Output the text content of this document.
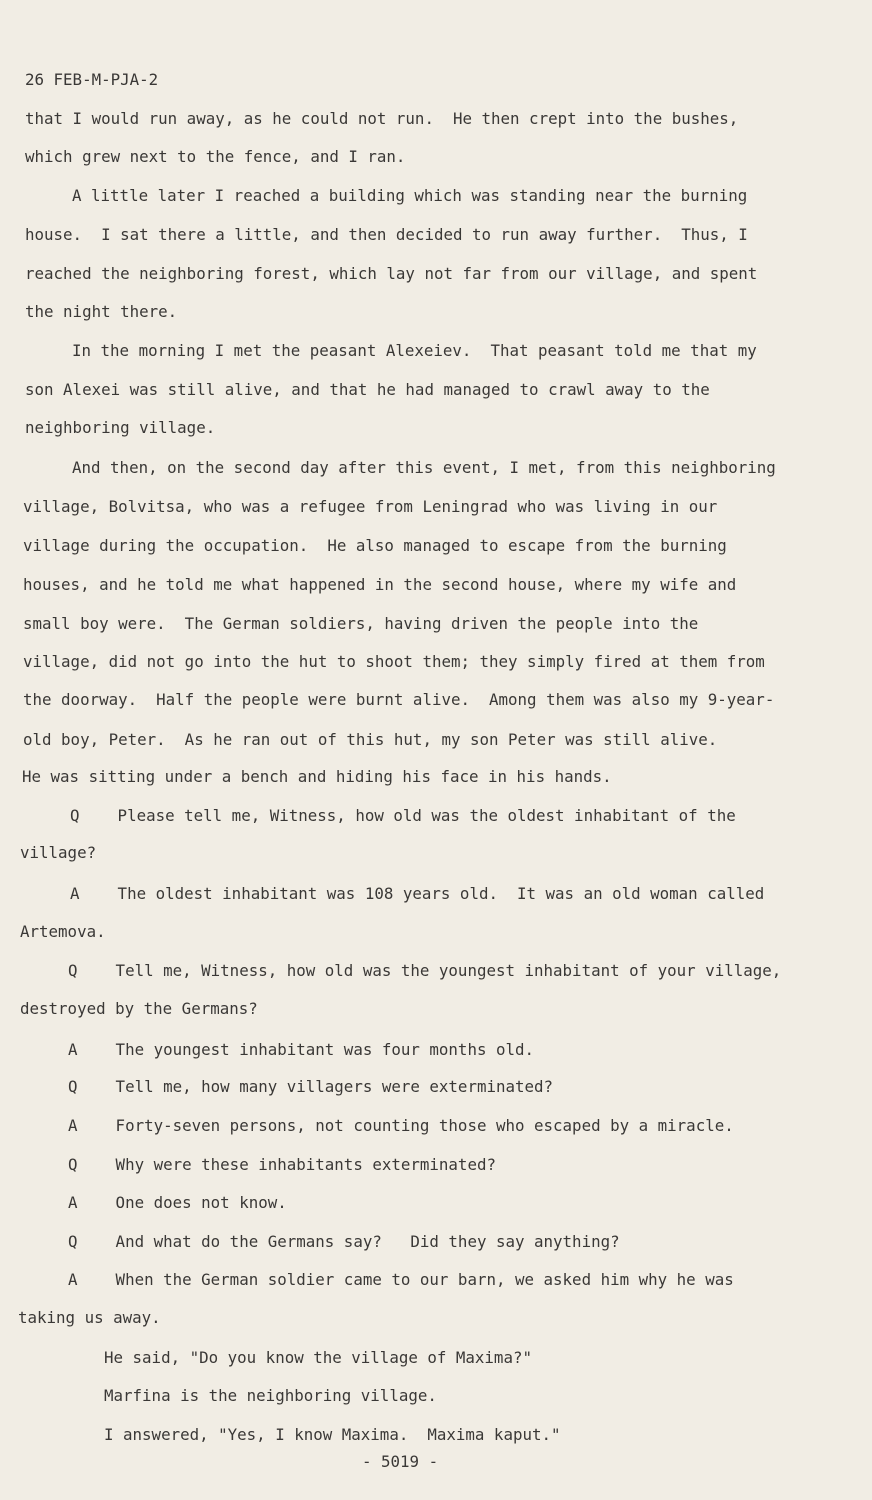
26 FEB-M-PJA-2
that I would run away, as he could not run.  He then crept into the bushes,
which grew next to the fence, and I ran.
A little later I reached a building which was standing near the burning
house.  I sat there a little, and then decided to run away further.  Thus, I
reached the neighboring forest, which lay not far from our village, and spent
the night there.
In the morning I met the peasant Alexeiev.  That peasant told me that my
son Alexei was still alive, and that he had managed to crawl away to the
neighboring village.
And then, on the second day after this event, I met, from this neighboring
village, Bolvitsa, who was a refugee from Leningrad who was living in our
village during the occupation.  He also managed to escape from the burning
houses, and he told me what happened in the second house, where my wife and
small boy were.  The German soldiers, having driven the people into the
village, did not go into the hut to shoot them; they simply fired at them from
the doorway.  Half the people were burnt alive.  Among them was also my 9-year-
old boy, Peter.  As he ran out of this hut, my son Peter was still alive.
He was sitting under a bench and hiding his face in his hands.
Q    Please tell me, Witness, how old was the oldest inhabitant of the
village?
A    The oldest inhabitant was 108 years old.  It was an old woman called
Artemova.
Q    Tell me, Witness, how old was the youngest inhabitant of your village,
destroyed by the Germans?
A    The youngest inhabitant was four months old.
Q    Tell me, how many villagers were exterminated?
A    Forty-seven persons, not counting those who escaped by a miracle.
Q    Why were these inhabitants exterminated?
A    One does not know.
Q    And what do the Germans say?   Did they say anything?
A    When the German soldier came to our barn, we asked him why he was
taking us away.
He said, "Do you know the village of Maxima?"
Marfina is the neighboring village.
I answered, "Yes, I know Maxima.  Maxima kaput."
- 5019 -
